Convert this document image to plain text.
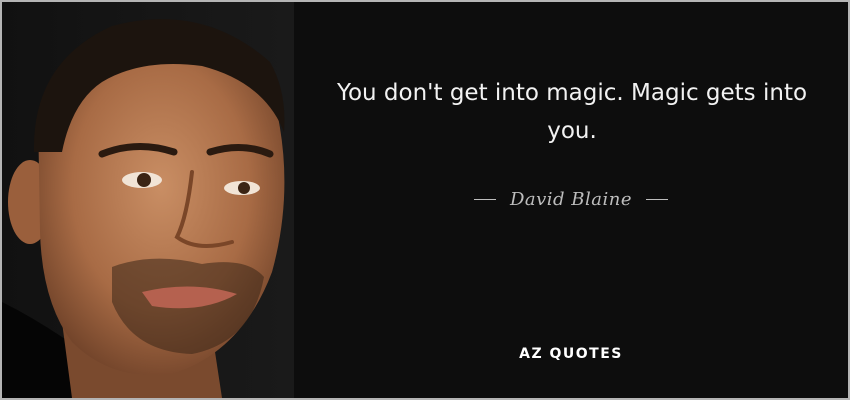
You don't get into magic. Magic gets into you.

David Blaine
AZ QUOTES
